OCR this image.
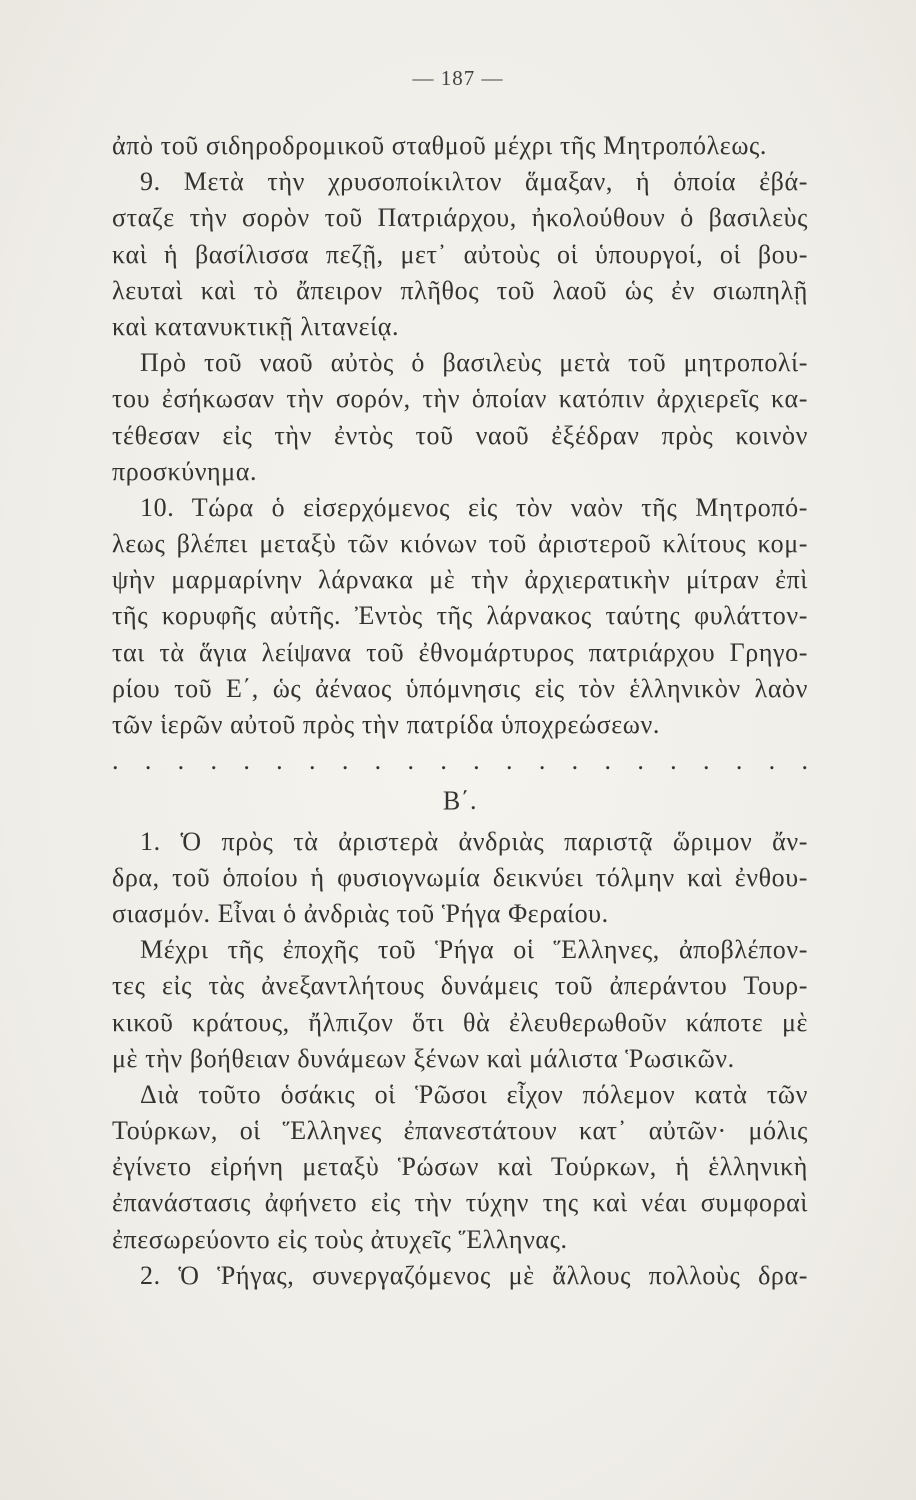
— 187 —
ἀπὸ τοῦ σιδηροδρομικοῦ σταθμοῦ μέχρι τῆς Μητροπόλεως.
9. Μετὰ τὴν χρυσοποίκιλτον ἅμαξαν, ἡ ὁποία ἐβά-
σταζε τὴν σορὸν τοῦ Πατριάρχου, ἠκολούθουν ὁ βασιλεὺς
καὶ ἡ βασίλισσα πεζῇ, μετ᾽ αὐτοὺς οἱ ὑπουργοί, οἱ βου-
λευταὶ καὶ τὸ ἄπειρον πλῆθος τοῦ λαοῦ ὡς ἐν σιωπηλῇ
καὶ κατανυκτικῇ λιτανείᾳ.
Πρὸ τοῦ ναοῦ αὐτὸς ὁ βασιλεὺς μετὰ τοῦ μητροπολί-
του ἐσήκωσαν τὴν σορόν, τὴν ὁποίαν κατόπιν ἀρχιερεῖς κα-
τέθεσαν εἰς τὴν ἐντὸς τοῦ ναοῦ ἐξέδραν πρὸς κοινὸν
προσκύνημα.
10. Τώρα ὁ εἰσερχόμενος εἰς τὸν ναὸν τῆς Μητροπό-
λεως βλέπει μεταξὺ τῶν κιόνων τοῦ ἀριστεροῦ κλίτους κομ-
ψὴν μαρμαρίνην λάρνακα μὲ τὴν ἀρχιερατικὴν μίτραν ἐπὶ
τῆς κορυφῆς αὐτῆς. Ἐντὸς τῆς λάρνακος ταύτης φυλάττον-
ται τὰ ἅγια λείψανα τοῦ ἐθνομάρτυρος πατριάρχου Γρηγο-
ρίου τοῦ Ε΄, ὡς ἀέναος ὑπόμνησις εἰς τὸν ἑλληνικὸν λαὸν
τῶν ἱερῶν αὐτοῦ πρὸς τὴν πατρίδα ὑποχρεώσεων.
. . . . . . . . . . . . . . . . . . . . . .
Β΄.
1. Ὁ πρὸς τὰ ἀριστερὰ ἀνδριὰς παριστᾷ ὥριμον ἄν-
δρα, τοῦ ὁποίου ἡ φυσιογνωμία δεικνύει τόλμην καὶ ἐνθου-
σιασμόν. Εἶναι ὁ ἀνδριὰς τοῦ Ῥήγα Φεραίου.
Μέχρι τῆς ἐποχῆς τοῦ Ῥήγα οἱ Ἕλληνες, ἀποβλέπον-
τες εἰς τὰς ἀνεξαντλήτους δυνάμεις τοῦ ἀπεράντου Τουρ-
κικοῦ κράτους, ἤλπιζον ὅτι θὰ ἐλευθερωθοῦν κάποτε μὲ
μὲ τὴν βοήθειαν δυνάμεων ξένων καὶ μάλιστα Ῥωσικῶν.
Διὰ τοῦτο ὁσάκις οἱ Ῥῶσοι εἶχον πόλεμον κατὰ τῶν
Τούρκων, οἱ Ἕλληνες ἐπανεστάτουν κατ᾽ αὐτῶν· μόλις
ἐγίνετο εἰρήνη μεταξὺ Ῥώσων καὶ Τούρκων, ἡ ἑλληνικὴ
ἐπανάστασις ἀφήνετο εἰς τὴν τύχην της καὶ νέαι συμφοραὶ
ἐπεσωρεύοντο εἰς τοὺς ἀτυχεῖς Ἕλληνας.
2. Ὁ Ῥήγας, συνεργαζόμενος μὲ ἄλλους πολλοὺς δρα-
